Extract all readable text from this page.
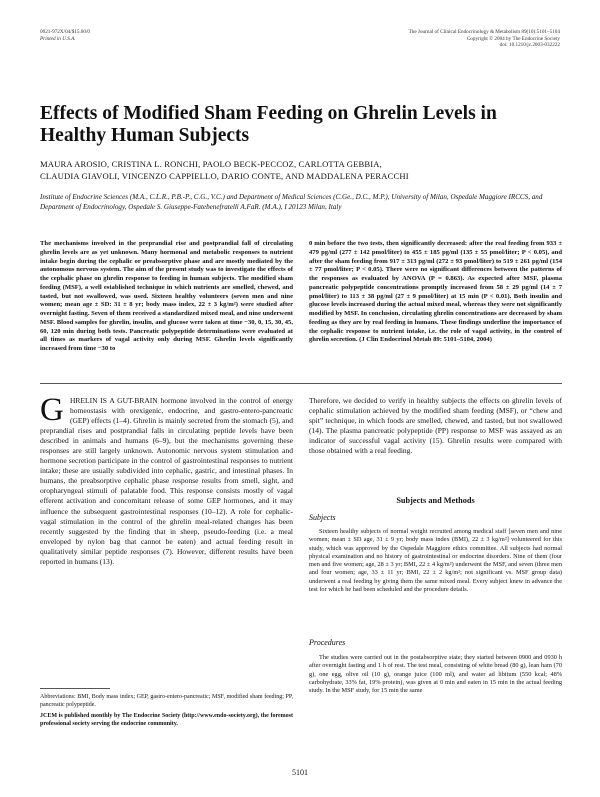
0021-972X/04/$15.00/0
Printed in U.S.A.
The Journal of Clinical Endocrinology & Metabolism 89(10):5101–5104
Copyright © 2004 by The Endocrine Society
doi: 10.1210/jc.2003-032222
Effects of Modified Sham Feeding on Ghrelin Levels in Healthy Human Subjects
MAURA AROSIO, CRISTINA L. RONCHI, PAOLO BECK-PECCOZ, CARLOTTA GEBBIA,
CLAUDIA GIAVOLI, VINCENZO CAPPIELLO, DARIO CONTE, AND MADDALENA PERACCHI
Institute of Endocrine Sciences (M.A., C.L.R., P.B.-P., C.G., V.C.) and Department of Medical Sciences (C.Ge., D.C., M.P.), University of Milan, Ospedale Maggiore IRCCS, and Department of Endocrinology, Ospedale S. Giuseppe-Fatebenefratelli A.FaR. (M.A.), I 20123 Milan, Italy
The mechanisms involved in the preprandial rise and postprandial fall of circulating ghrelin levels are as yet unknown. Many hormonal and metabolic responses to nutrient intake begin during the cephalic or preabsorptive phase and are mostly mediated by the autonomous nervous system. The aim of the present study was to investigate the effects of the cephalic phase on ghrelin response to feeding in human subjects. The modified sham feeding (MSF), a well established technique in which nutrients are smelled, chewed, and tasted, but not swallowed, was used. Sixteen healthy volunteers (seven men and nine women; mean age ± SD: 31 ± 8 yr; body mass index, 22 ± 3 kg/m²) were studied after overnight fasting. Seven of them received a standardized mixed meal, and nine underwent MSF. Blood samples for ghrelin, insulin, and glucose were taken at time −30, 0, 15, 30, 45, 60, 120 min during both tests. Pancreatic polypeptide determinations were evaluated at all times as markers of vagal activity only during MSF. Ghrelin levels significantly increased from time −30 to
0 min before the two tests, then significantly decreased: after the real feeding from 933 ± 479 pg/ml (277 ± 142 pmol/liter) to 455 ± 185 pg/ml (135 ± 55 pmol/liter; P < 0.05), and after the sham feeding from 917 ± 313 pg/ml (272 ± 93 pmol/liter) to 519 ± 261 pg/ml (154 ± 77 pmol/liter; P < 0.05). There were no significant differences between the patterns of the responses as evaluated by ANOVA (P = 0.863). As expected after MSF, plasma pancreatic polypeptide concentrations promptly increased from 58 ± 29 pg/ml (14 ± 7 pmol/liter) to 113 ± 38 pg/ml (27 ± 9 pmol/liter) at 15 min (P < 0.01). Both insulin and glucose levels increased during the actual mixed meal, whereas they were not significantly modified by MSF. In conclusion, circulating ghrelin concentrations are decreased by sham feeding as they are by real feeding in humans. These findings underline the importance of the cephalic response to nutrient intake, i.e. the role of vagal activity, in the control of ghrelin secretion. (J Clin Endocrinol Metab 89: 5101–5104, 2004)
G HRELIN IS A GUT-BRAIN hormone involved in the control of energy homeostasis with orexigenic, endocrine, and gastro-entero-pancreatic (GEP) effects (1–4). Ghrelin is mainly secreted from the stomach (5), and preprandial rises and postprandial falls in circulating peptide levels have been described in animals and humans (6–9), but the mechanisms governing these responses are still largely unknown. Autonomic nervous system stimulation and hormone secretion participate in the control of gastrointestinal responses to nutrient intake; these are usually subdivided into cephalic, gastric, and intestinal phases. In humans, the preabsorptive cephalic phase response results from smell, sight, and oropharyngeal stimuli of palatable food. This response consists mostly of vagal efferent activation and concomitant release of some GEP hormones, and it may influence the subsequent gastrointestinal responses (10–12). A role for cephalic-vagal stimulation in the control of the ghrelin meal-related changes has been recently suggested by the finding that in sheep, pseudo-feeding (i.e. a meal enveloped by nylon bag that cannot be eaten) and actual feeding result in qualitatively similar peptide responses (7). However, different results have been reported in humans (13).
Abbreviations: BMI, Body mass index; GEP, gastro-entero-pancreatic; MSF, modified sham feeding; PP, pancreatic polypeptide.
JCEM is published monthly by The Endocrine Society (http://www.endo-society.org), the foremost professional society serving the endocrine community.
Therefore, we decided to verify in healthy subjects the effects on ghrelin levels of cephalic stimulation achieved by the modified sham feeding (MSF), or “chew and spit” technique, in which foods are smelled, chewed, and tasted, but not swallowed (14). The plasma pancreatic polypeptide (PP) response to MSF was assayed as an indicator of successful vagal activity (15). Ghrelin results were compared with those obtained with a real feeding.
Subjects and Methods
Subjects
Sixteen healthy subjects of normal weight recruited among medical staff [seven men and nine women; mean ± SD age, 31 ± 9 yr; body mass index (BMI), 22 ± 3 kg/m²] volunteered for this study, which was approved by the Ospedale Maggiore ethics committee. All subjects had normal physical examination and no history of gastrointestinal or endocrine disorders. Nine of them (four men and five women; age, 28 ± 3 yr; BMI, 22 ± 4 kg/m²) underwent the MSF, and seven (three men and four women; age, 33 ± 11 yr; BMI, 22 ± 2 kg/m²; not significant vs. MSF group data) underwent a real feeding by giving them the same mixed meal. Every subject knew in advance the test for which he had been scheduled and the procedure details.
Procedures
The studies were carried out in the postabsorptive state; they started between 0900 and 0930 h after overnight fasting and 1 h of rest. The test meal, consisting of white bread (80 g), lean ham (70 g), one egg, olive oil (10 g), orange juice (100 ml), and water ad libitum (550 kcal; 48% carbohydrate, 33% fat, 19% protein), was given at 0 min and eaten in 15 min in the actual feeding study. In the MSF study, for 15 min the same
5101
